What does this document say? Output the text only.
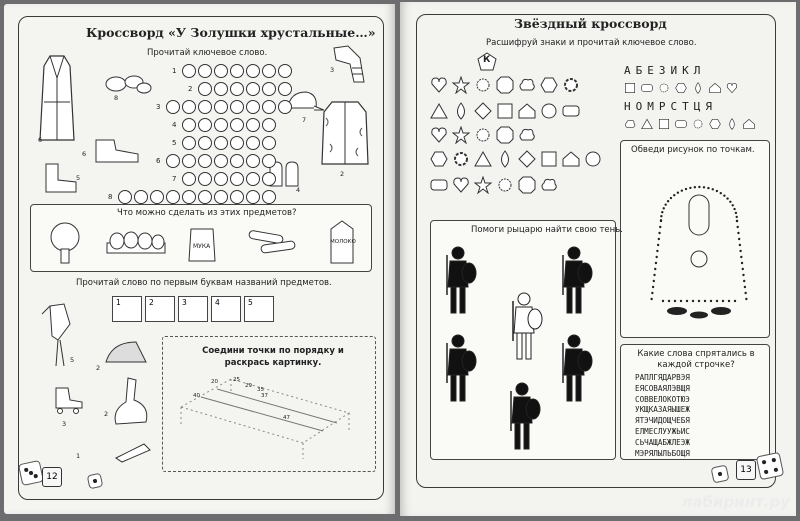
Кроссворд «У Золушки хрустальные…»
Прочитай ключевое слово.
6
8
6
5
3
7
2
4
Что можно сделать из этих предметов?
МУКА
МОЛОКО
Прочитай слово по первым буквам названий предметов.
5
2
2
3
1
Соедини точки по порядку и раскрась картинку.
20	25
29
35
37
40
47
12
1
2
3
4
5
6
7
8
1	2	3	4	5
Звёздный кроссворд
Расшифруй знаки и прочитай ключевое слово.
К
АБЕЗИКЛ
НОМРСТЦЯ
Обведи рисунок по точкам.
Помоги рыцарю найти свою тень.
Какие слова спрятались в каждой строчке?
РАПЛГЯДАРВЭЯ
ЕЯСОВАЯЛЭВЩЯ
СОВВЕЛОКОТЮЭ
УКЩКАЗАЯЫШЕЖ
ЯТЭЧИДОЩЧЕБЯ
ЕЛМЕСЛУУЖЬИС
СЬЧАЩАБЖЛЕЭЖ
МЭРЯЛЫЛЬБОЩЯ
13
лабиринт.ру
